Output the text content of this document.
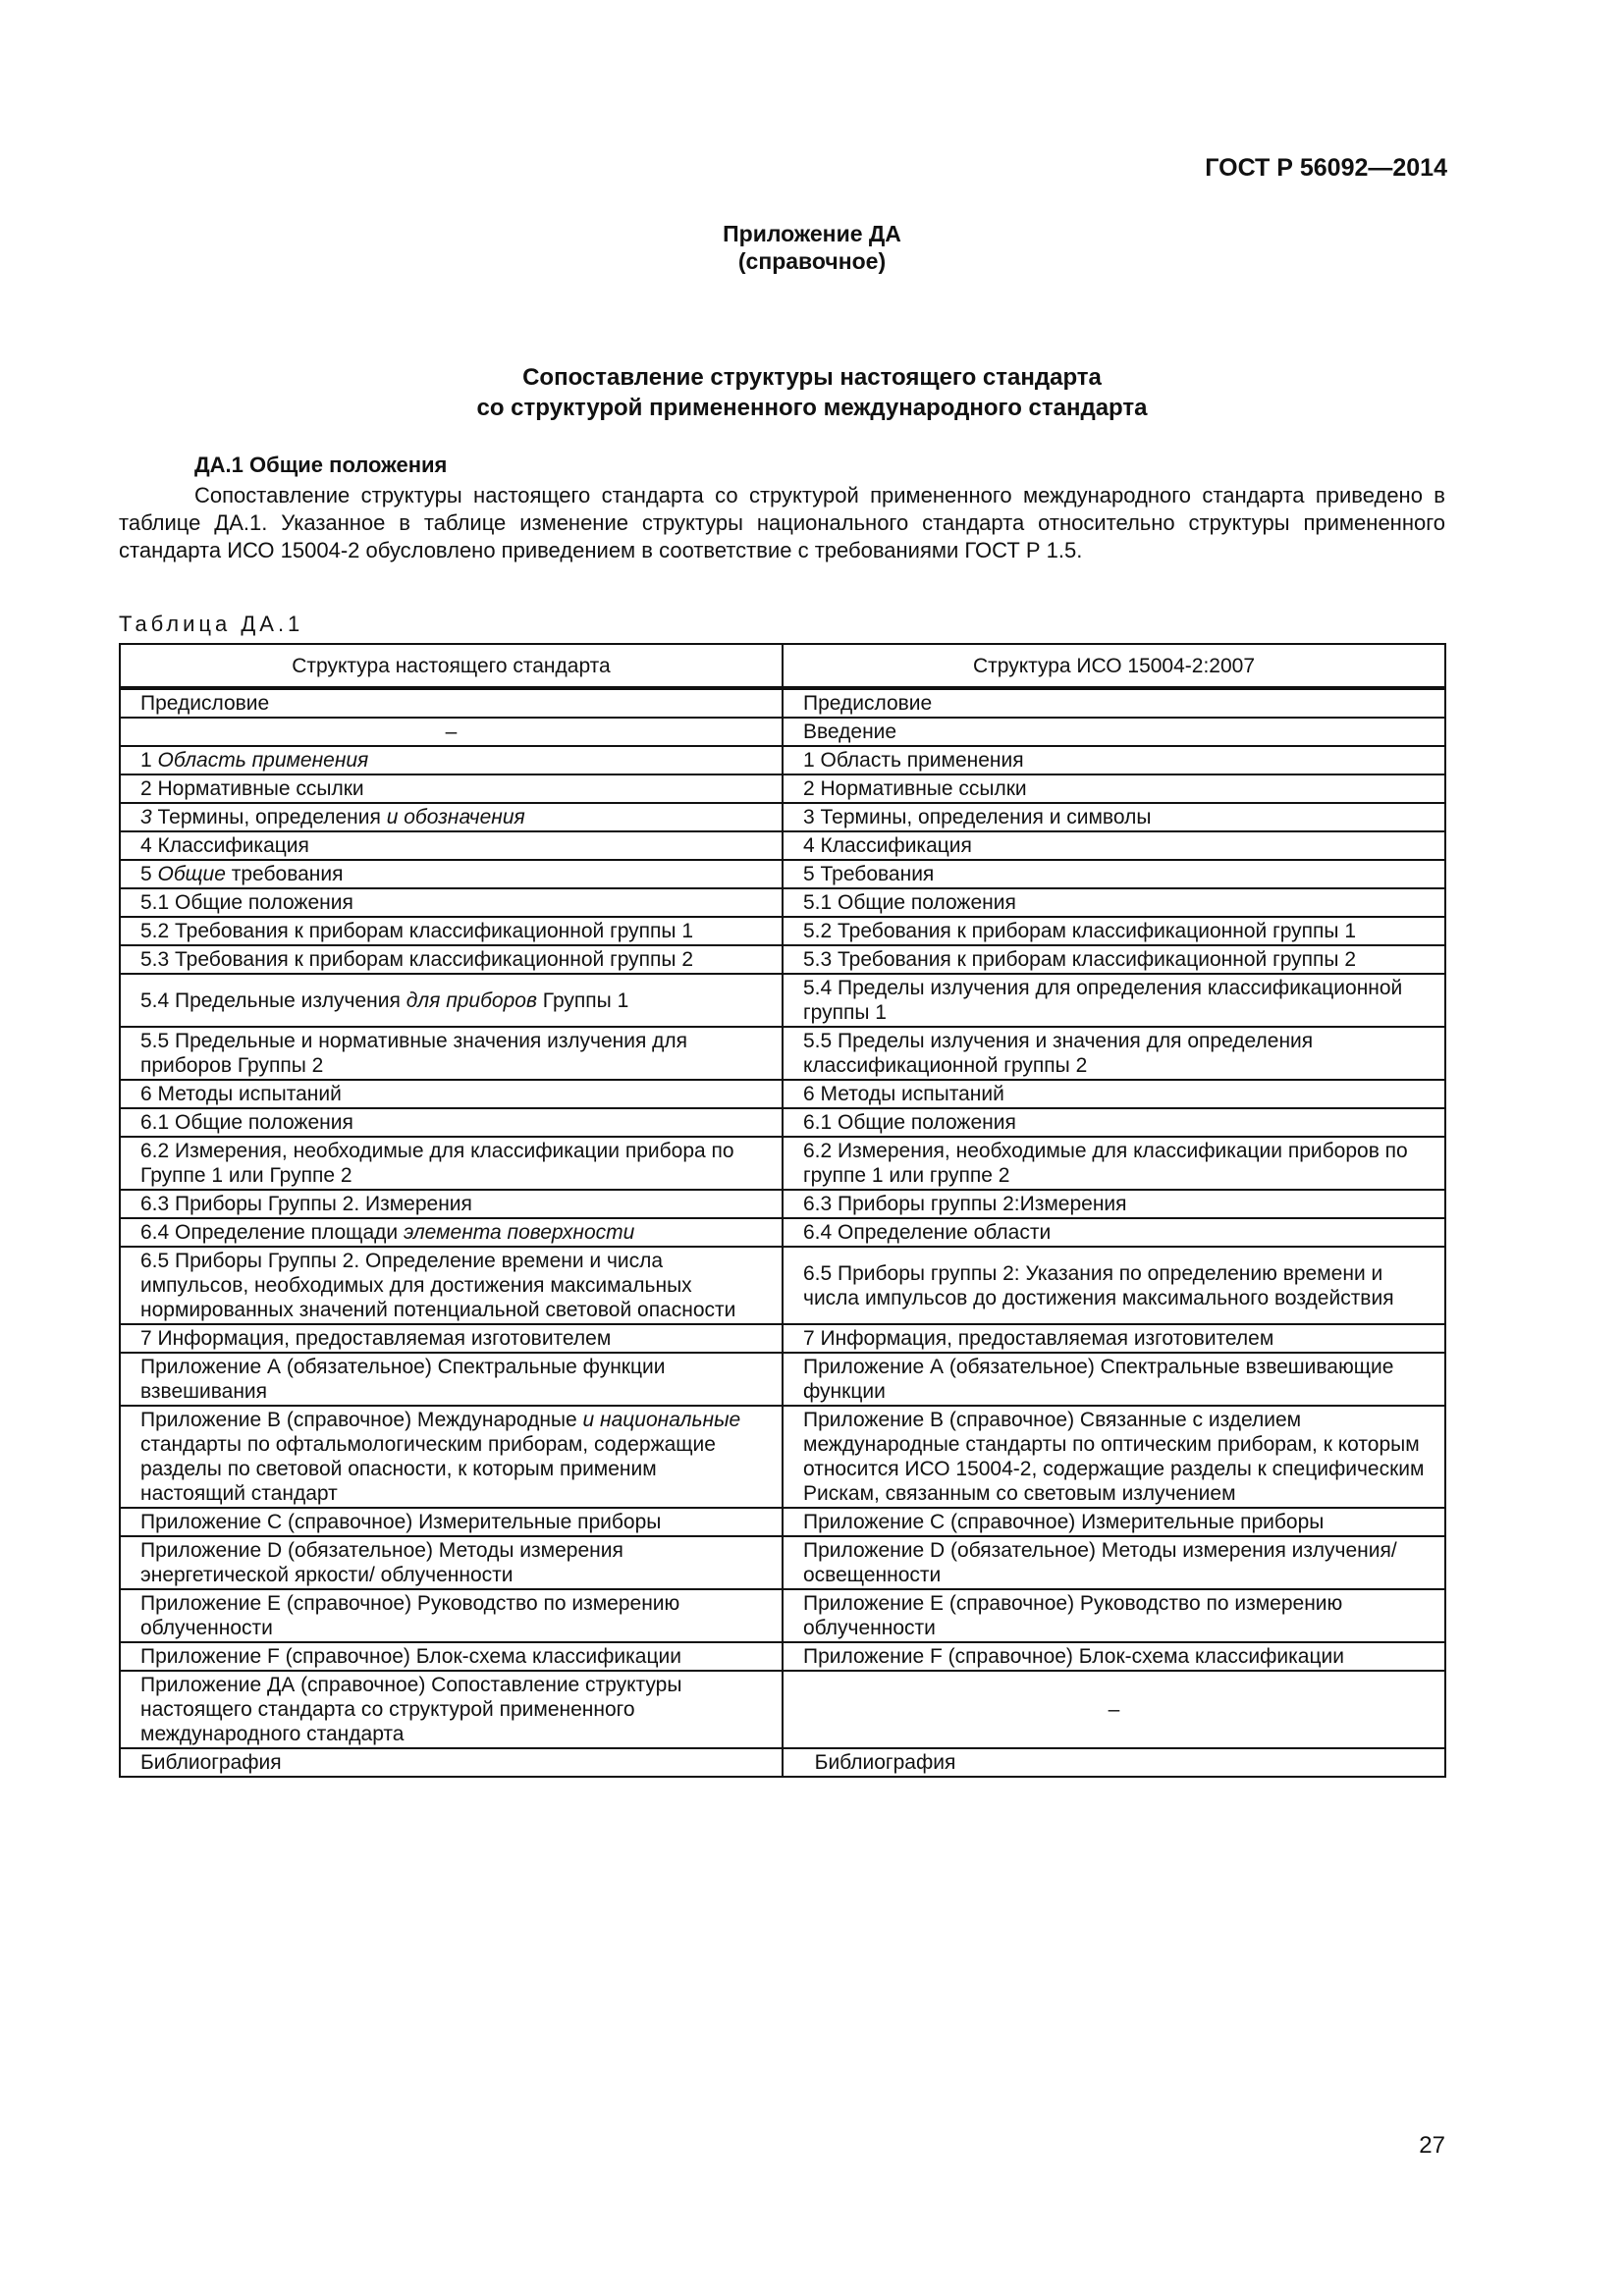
ГОСТ Р 56092—2014
Приложение ДА
(справочное)
Сопоставление структуры настоящего стандарта
со структурой примененного международного стандарта
ДА.1 Общие положения
Сопоставление структуры настоящего стандарта со структурой примененного международного стандарта приведено в таблице ДА.1. Указанное в таблице изменение структуры национального стандарта относительно структуры примененного стандарта ИСО 15004-2 обусловлено приведением в соответствие с требованиями ГОСТ Р 1.5.
Таблица ДА.1
Структура настоящего стандарта	Структура ИСО 15004-2:2007
Предисловие	Предисловие
–	Введение
1 Область применения	1 Область применения
2 Нормативные ссылки	2 Нормативные ссылки
3 Термины, определения и обозначения	3 Термины, определения и символы
4 Классификация	4 Классификация
5 Общие требования	5 Требования
5.1 Общие положения	5.1 Общие положения
5.2 Требования к приборам классификационной группы 1	5.2 Требования к приборам классификационной группы 1
5.3 Требования к приборам классификационной группы 2	5.3 Требования к приборам классификационной группы 2
5.4 Предельные излучения для приборов Группы 1	5.4 Пределы излучения для определения классификационной группы 1
5.5 Предельные и нормативные значения излучения для приборов Группы 2	5.5 Пределы излучения и значения для определения классификационной группы 2
6 Методы испытаний	6 Методы испытаний
6.1 Общие положения	6.1 Общие положения
6.2 Измерения, необходимые для классификации прибора по Группе 1 или Группе 2	6.2 Измерения, необходимые для классификации приборов по группе 1 или группе 2
6.3 Приборы Группы 2. Измерения	6.3 Приборы группы 2:Измерения
6.4 Определение площади элемента поверхности	6.4 Определение области
6.5 Приборы Группы 2. Определение времени и числа импульсов, необходимых для достижения максимальных нормированных значений потенциальной световой опасности	6.5 Приборы группы 2: Указания по определению времени и числа импульсов до достижения максимального воздействия
7 Информация, предоставляемая изготовителем	7 Информация, предоставляемая изготовителем
Приложение А (обязательное) Спектральные функции взвешивания	Приложение А (обязательное) Спектральные взвешивающие функции
Приложение В (справочное) Международные и национальные стандарты по офтальмологическим приборам, содержащие разделы по световой опасности, к которым применим настоящий стандарт	Приложение В (справочное) Связанные с изделием международные стандарты по оптическим приборам, к которым относится ИСО 15004-2, содержащие разделы к специфическим Рискам, связанным со световым излучением
Приложение С (справочное) Измерительные приборы	Приложение С (справочное) Измерительные приборы
Приложение D (обязательное) Методы измерения энергетической яркости/ облученности	Приложение D (обязательное) Методы измерения излучения/освещенности
Приложение Е (справочное) Руководство по измерению облученности	Приложение Е (справочное) Руководство по измерению облученности
Приложение F (справочное) Блок-схема классификации	Приложение F (справочное) Блок-схема классификации
Приложение ДА (справочное) Сопоставление структуры настоящего стандарта со структурой примененного международного стандарта	–
Библиография	Библиография
27
